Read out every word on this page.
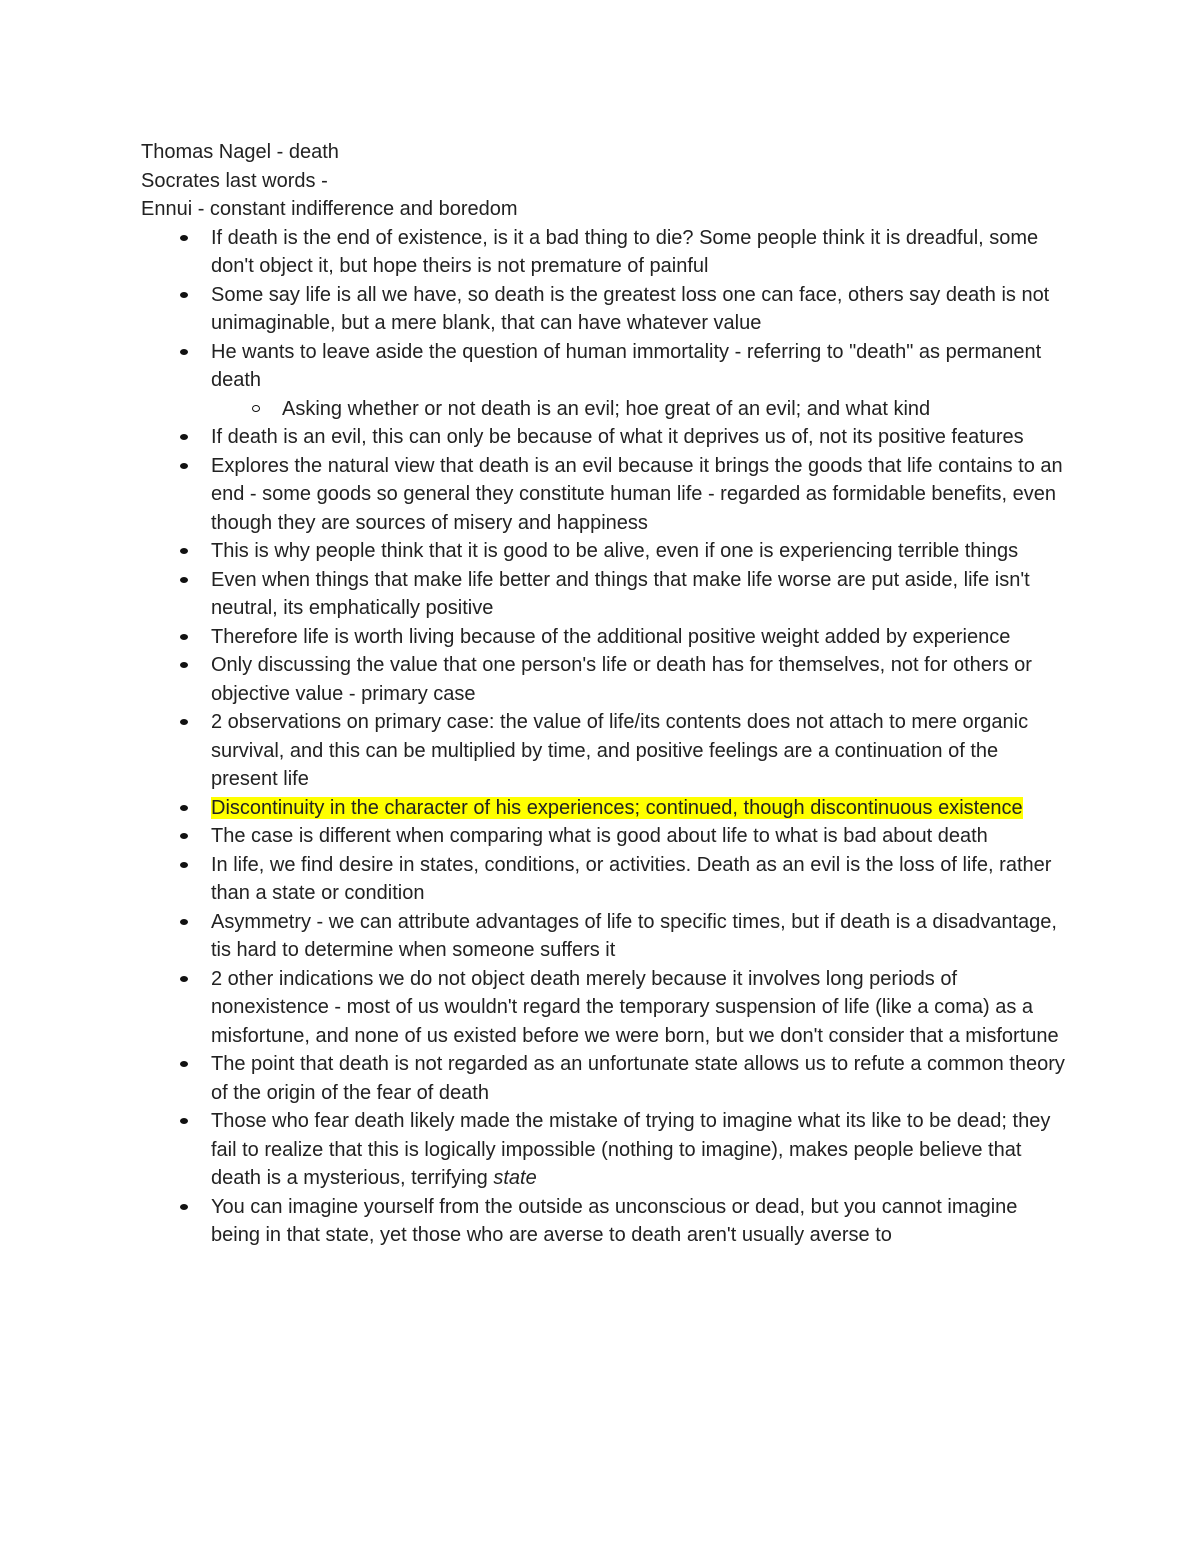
Thomas Nagel - death
Socrates last words -
Ennui - constant indifference and boredom
If death is the end of existence, is it a bad thing to die? Some people think it is dreadful, some don't object it, but hope theirs is not premature of painful
Some say life is all we have, so death is the greatest loss one can face, others say death is not unimaginable, but a mere blank, that can have whatever value
He wants to leave aside the question of human immortality - referring to "death" as permanent death
Asking whether or not death is an evil; hoe great of an evil; and what kind
If death is an evil, this can only be because of what it deprives us of, not its positive features
Explores the natural view that death is an evil because it brings the goods that life contains to an end - some goods so general they constitute human life - regarded as formidable benefits, even though they are sources of misery and happiness
This is why people think that it is good to be alive, even if one is experiencing terrible things
Even when things that make life better and things that make life worse are put aside, life isn't neutral, its emphatically positive
Therefore life is worth living because of the additional positive weight added by experience
Only discussing the value that one person's life or death has for themselves, not for others or objective value - primary case
2 observations on primary case: the value of life/its contents does not attach to mere organic survival, and this can be multiplied by time, and positive feelings are a continuation of the present life
Discontinuity in the character of his experiences; continued, though discontinuous existence
The case is different when comparing what is good about life to what is bad about death
In life, we find desire in states, conditions, or activities. Death as an evil is the loss of life, rather than a state or condition
Asymmetry - we can attribute advantages of life to specific times, but if death is a disadvantage, tis hard to determine when someone suffers it
2 other indications we do not object death merely because it involves long periods of nonexistence - most of us wouldn't regard the temporary suspension of life (like a coma) as a misfortune, and none of us existed before we were born, but we don't consider that a misfortune
The point that death is not regarded as an unfortunate state allows us to refute a common theory of the origin of the fear of death
Those who fear death likely made the mistake of trying to imagine what its like to be dead; they fail to realize that this is logically impossible (nothing to imagine), makes people believe that death is a mysterious, terrifying state
You can imagine yourself from the outside as unconscious or dead, but you cannot imagine being in that state, yet those who are averse to death aren't usually averse to
